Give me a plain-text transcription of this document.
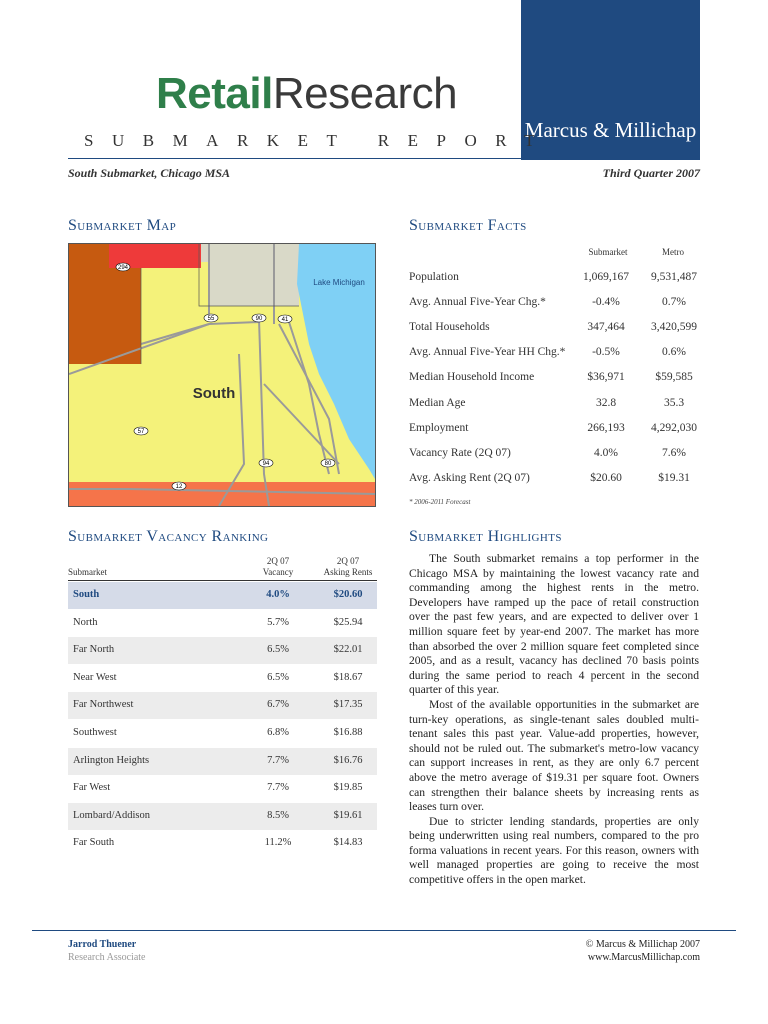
Marcus & Millichap
RetailResearch
SUBMARKET REPORT
South Submarket, Chicago MSA	Third Quarter 2007
Submarket Map
294
55	90	41
57
94	80
12
South
Lake Michigan
Submarket Facts
Submarket	Metro
Population	1,069,167	9,531,487
Avg. Annual Five-Year Chg.*	-0.4%	0.7%
Total Households	347,464	3,420,599
Avg. Annual Five-Year HH Chg.*	-0.5%	0.6%
Median Household Income	$36,971	$59,585
Median Age	32.8	35.3
Employment	266,193	4,292,030
Vacancy Rate (2Q 07)	4.0%	7.6%
Avg. Asking Rent (2Q 07)	$20.60	$19.31
* 2006-2011 Forecast
Submarket Vacancy Ranking
2Q 07
Vacancy
2Q 07
Asking Rents
Submarket
South	4.0%	$20.60
North	5.7%	$25.94
Far North	6.5%	$22.01
Near West	6.5%	$18.67
Far Northwest	6.7%	$17.35
Southwest	6.8%	$16.88
Arlington Heights	7.7%	$16.76
Far West	7.7%	$19.85
Lombard/Addison	8.5%	$19.61
Far South	11.2%	$14.83
Submarket Highlights

The South submarket remains a top performer in the Chicago MSA by maintaining the lowest vacancy rate and commanding among the highest rents in the metro. Developers have ramped up the pace of retail construction over the past few years, and are expected to deliver over 1 million square feet by year-end 2007. The market has more than absorbed the over 2 million square feet completed since 2005, and as a result, vacancy has declined 70 basis points during the same period to reach 4 percent in the second quarter of this year.

Most of the available opportunities in the submarket are turn-key operations, as single-tenant sales doubled multi-tenant sales this past year. Value-add properties, however, should not be ruled out. The submarket's metro-low vacancy can support increases in rent, as they are only 6.7 percent above the metro average of $19.31 per square foot. Owners can strengthen their balance sheets by increasing rents as leases turn over.

Due to stricter lending standards, properties are only being underwritten using real numbers, compared to the pro forma valuations in recent years. For this reason, owners with well managed properties are going to receive the most competitive offers in the open market.

Jarrod Thuener
Research Associate
© Marcus & Millichap 2007
www.MarcusMillichap.com
